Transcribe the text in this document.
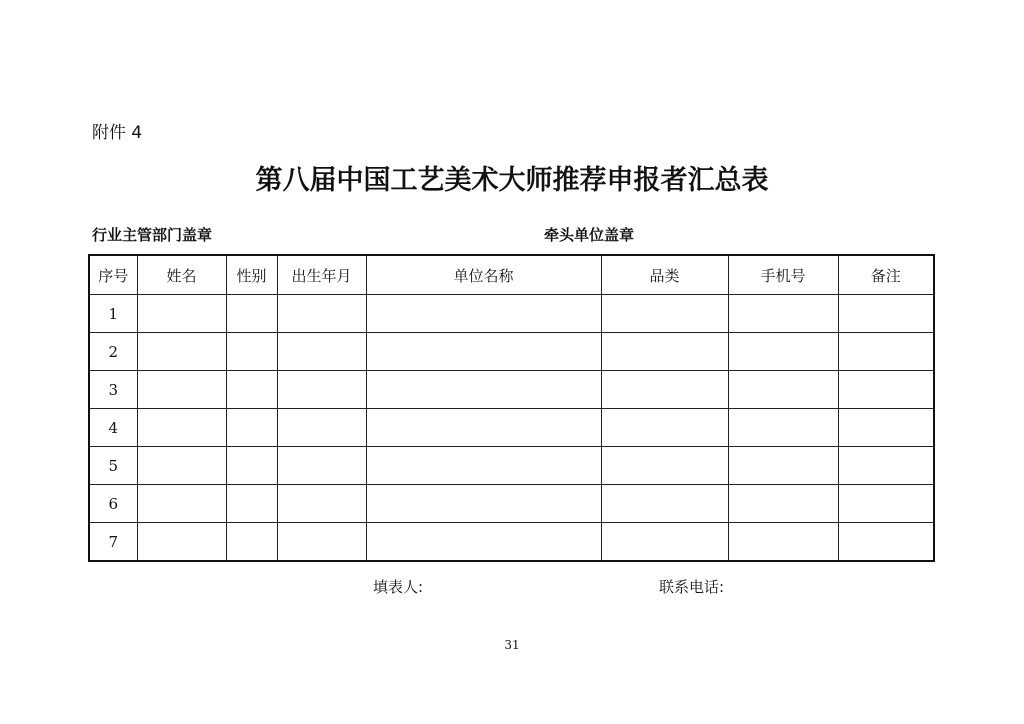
附件 4
第八届中国工艺美术大师推荐申报者汇总表
行业主管部门盖章	牵头单位盖章
序号	姓名	性别	出生年月	单位名称	品类	手机号	备注
1							
2							
3							
4							
5							
6							
7							
填表人:	联系电话:
31
